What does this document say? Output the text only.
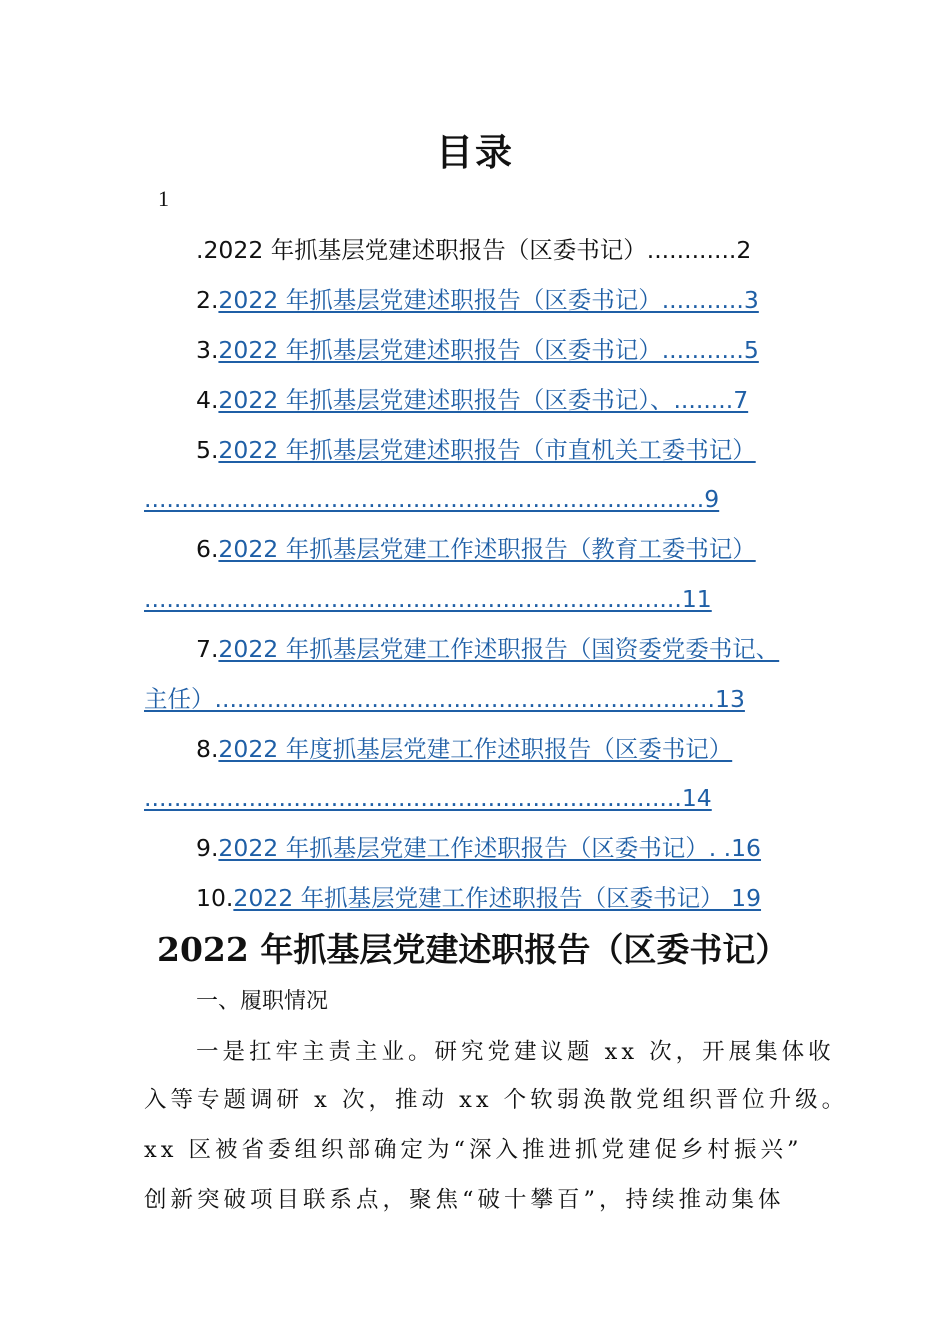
目录
1
.2022 年抓基层党建述职报告（区委书记）............2
2.2022 年抓基层党建述职报告（区委书记）...........3
3.2022 年抓基层党建述职报告（区委书记）...........5
4.2022 年抓基层党建述职报告（区委书记）、........7
5.2022 年抓基层党建述职报告（市直机关工委书记）
...........................................................................9
6.2022 年抓基层党建工作述职报告（教育工委书记）
........................................................................11
7.2022 年抓基层党建工作述职报告（国资委党委书记、
主任）...................................................................13
8.2022 年度抓基层党建工作述职报告（区委书记）
........................................................................14
9.2022 年抓基层党建工作述职报告（区委书记）. .16
10.2022 年抓基层党建工作述职报告（区委书记） 19
2022 年抓基层党建述职报告（区委书记）
一、履职情况
一是扛牢主责主业。研究党建议题 xx 次，开展集体收
入等专题调研 x 次，推动 xx 个软弱涣散党组织晋位升级。
xx 区被省委组织部确定为“深入推进抓党建促乡村振兴”
创新突破项目联系点，聚焦“破十攀百”，持续推动集体
